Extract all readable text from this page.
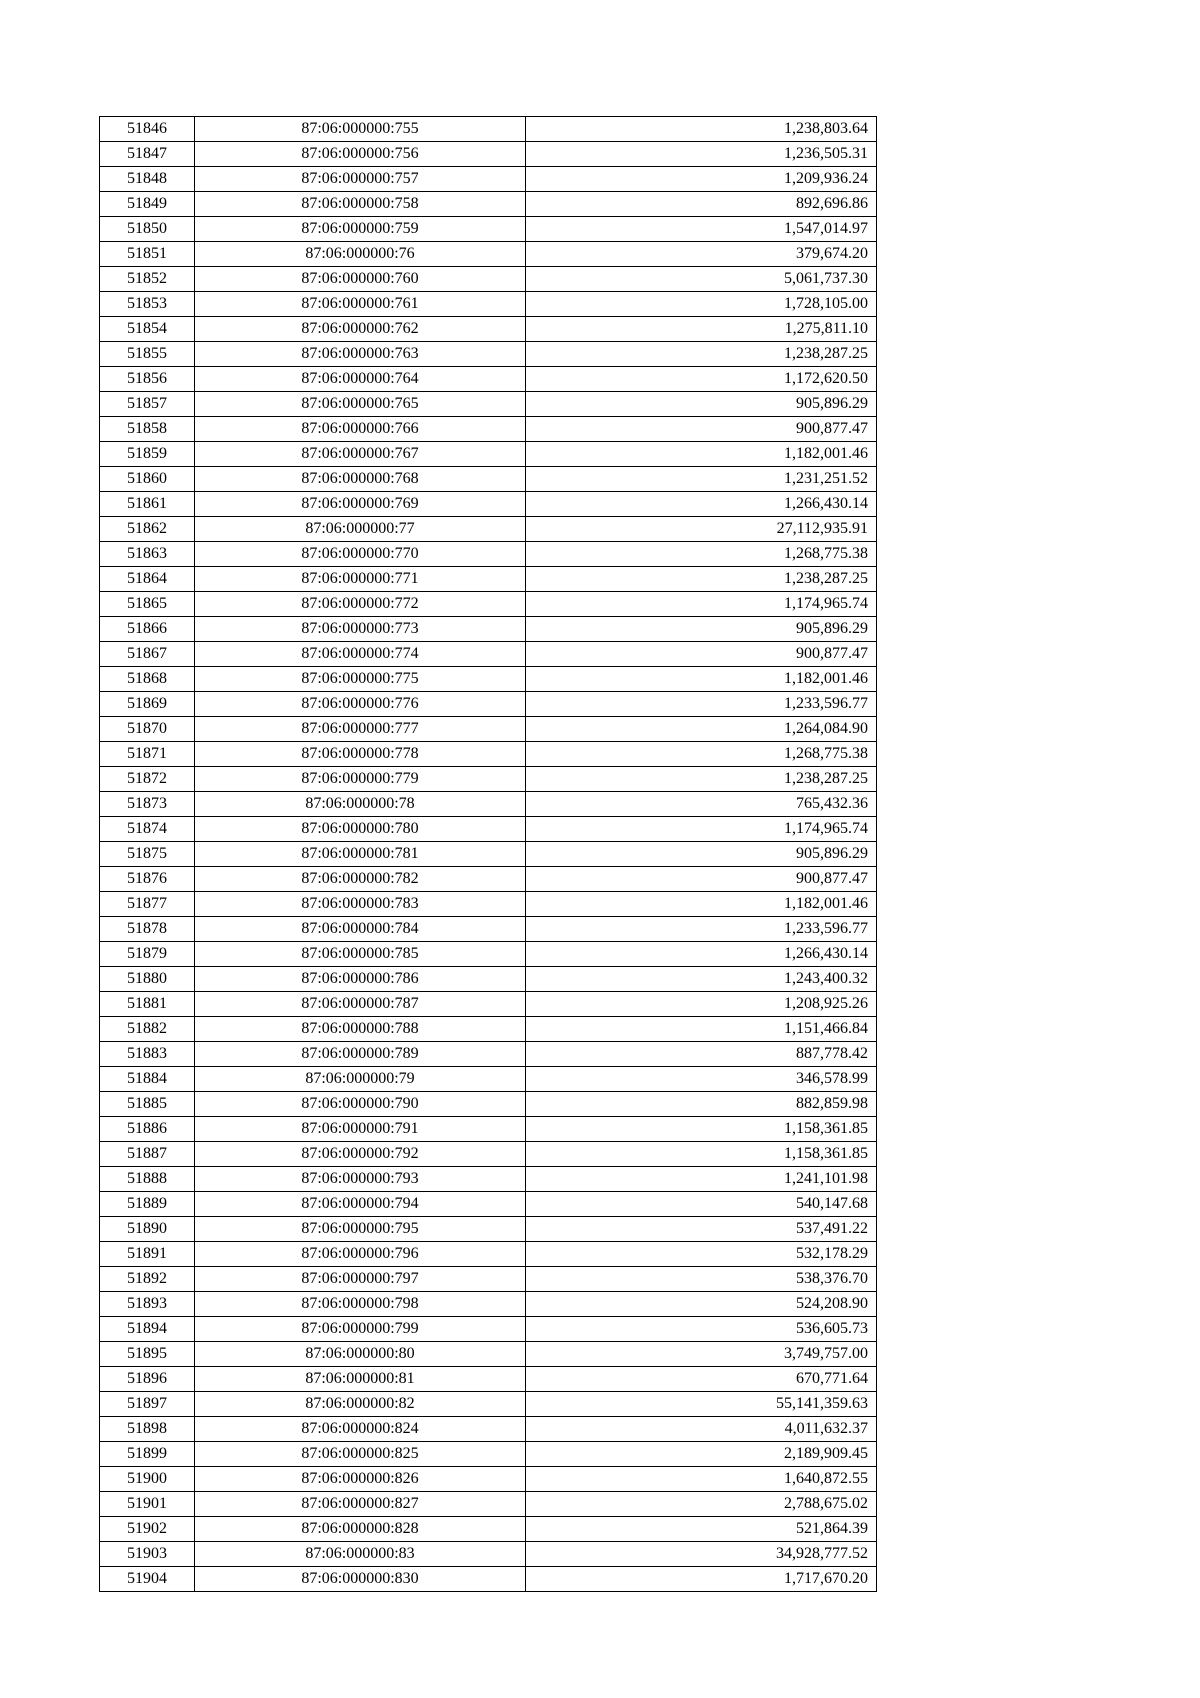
51846	87:06:000000:755	1,238,803.64
51847	87:06:000000:756	1,236,505.31
51848	87:06:000000:757	1,209,936.24
51849	87:06:000000:758	892,696.86
51850	87:06:000000:759	1,547,014.97
51851	87:06:000000:76	379,674.20
51852	87:06:000000:760	5,061,737.30
51853	87:06:000000:761	1,728,105.00
51854	87:06:000000:762	1,275,811.10
51855	87:06:000000:763	1,238,287.25
51856	87:06:000000:764	1,172,620.50
51857	87:06:000000:765	905,896.29
51858	87:06:000000:766	900,877.47
51859	87:06:000000:767	1,182,001.46
51860	87:06:000000:768	1,231,251.52
51861	87:06:000000:769	1,266,430.14
51862	87:06:000000:77	27,112,935.91
51863	87:06:000000:770	1,268,775.38
51864	87:06:000000:771	1,238,287.25
51865	87:06:000000:772	1,174,965.74
51866	87:06:000000:773	905,896.29
51867	87:06:000000:774	900,877.47
51868	87:06:000000:775	1,182,001.46
51869	87:06:000000:776	1,233,596.77
51870	87:06:000000:777	1,264,084.90
51871	87:06:000000:778	1,268,775.38
51872	87:06:000000:779	1,238,287.25
51873	87:06:000000:78	765,432.36
51874	87:06:000000:780	1,174,965.74
51875	87:06:000000:781	905,896.29
51876	87:06:000000:782	900,877.47
51877	87:06:000000:783	1,182,001.46
51878	87:06:000000:784	1,233,596.77
51879	87:06:000000:785	1,266,430.14
51880	87:06:000000:786	1,243,400.32
51881	87:06:000000:787	1,208,925.26
51882	87:06:000000:788	1,151,466.84
51883	87:06:000000:789	887,778.42
51884	87:06:000000:79	346,578.99
51885	87:06:000000:790	882,859.98
51886	87:06:000000:791	1,158,361.85
51887	87:06:000000:792	1,158,361.85
51888	87:06:000000:793	1,241,101.98
51889	87:06:000000:794	540,147.68
51890	87:06:000000:795	537,491.22
51891	87:06:000000:796	532,178.29
51892	87:06:000000:797	538,376.70
51893	87:06:000000:798	524,208.90
51894	87:06:000000:799	536,605.73
51895	87:06:000000:80	3,749,757.00
51896	87:06:000000:81	670,771.64
51897	87:06:000000:82	55,141,359.63
51898	87:06:000000:824	4,011,632.37
51899	87:06:000000:825	2,189,909.45
51900	87:06:000000:826	1,640,872.55
51901	87:06:000000:827	2,788,675.02
51902	87:06:000000:828	521,864.39
51903	87:06:000000:83	34,928,777.52
51904	87:06:000000:830	1,717,670.20
